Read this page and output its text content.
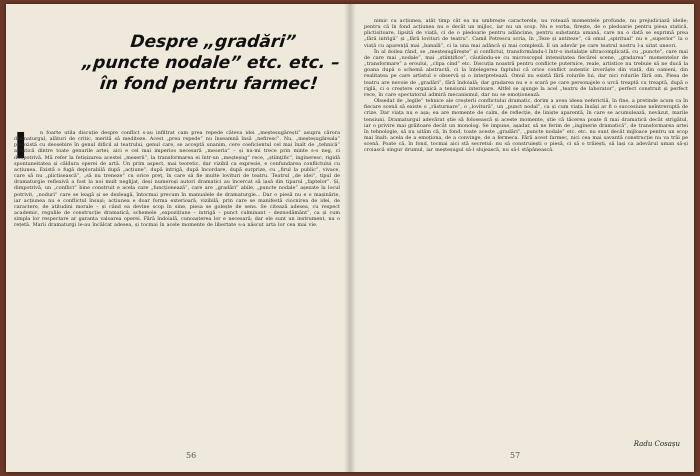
Despre „gradări”
„puncte nodale” etc. etc. –
în fond pentru farmec!
I	n foarte utila discuție despre conflict s-au infiltrat cam prea repede câteva idei „meșteșugărești” asupra cărora dramaturgul, alături de critic, merită să mediteze. Acest „prea repede” nu înseamnă însă „nefiresc”. Nu, „meșteșugăreala” preexistă cu deosebire în genul dificil al teatrului, genul care, se acceptă unanim, cere coeficientul cel mai înalt de „tehnică” artistică dintre toate genurile artei; aici e cel mai imperios necesară „meseria” – și nu-mi trece prin minte s-o neg, ci dimpotrivă. Mă refer la fetișizarea acestei „meserii”, la transformarea ei într-un „meșteșug” rece, „știinţific”, ingineresc, rigidă spontaneitatea și căldura operei de artă. Un prim aspect, mai teoretic, dar vizibil ca expresie, e confundarea conflictului cu acțiunea. Există o fugă deplorabilă după „acțiune”, după intrigă, după încordare, după surprize, cu „firul la public”, vivace, care să nu „plictisească”, „să nu treneze” cu orice preț, în care să fie multe lovituri de teatru. Teatrul „de idei”, tipul de dramaturgie reflexivă a fost la noi mult neglijat, deși numeroși autori dramatici au încercat să iasă din tiparul „faptelor”. Și, dimpotrivă, un „conflict” bine construit e acela care „funcționează”, care are „gradări” abile, „puncte nodale” așezate la locul potrivit, „noduri” care se leagă și se dezleagă, întocmai precum în manualele de dramaturgie... Dar o piesă nu e o mașinărie, iar acțiunea nu e conflictul însuși; acțiunea e doar forma exterioară, vizibilă, prin care se manifestă ciocnirea de idei, de caractere, de atitudini morale – și când ea devine scop în sine, piesa se golește de sens. Se citează adesea, cu respect academic, regulile de construcție dramatică, schemele „expozițiune – intrigă – punct culminant – deznodământ”, ca și cum simpla lor respectare ar garanta valoarea operei. Fără îndoială, cunoașterea lor e necesară; dar ele sunt un instrument, nu o rețetă. Marii dramaturgi le-au încălcat adesea, și tocmai în acele momente de libertate s-a născut arta lor cea mai vie.
56

nimic cu acțiunea, atât timp cât ea nu umbrește caracterele, nu rotează momentele profunde, nu prejudiciază ideile; pentru că în fond acțiunea nu e decât un mijloc, iar nu un scop. Nu e vorba, firește, de o pledoarie pentru piesa statică, plictisitoare, lipsită de viață, ci de o pledoarie pentru adâncime, pentru substanța umană, care nu o dată se exprimă prea „fără intrigă” și „fără lovituri de teatru”. Camil Petrescu scria, în „Teze și antiteze”, că omul „spiritual” nu e „superior” la o viață cu aparență mai „banală”, ci la una mai adâncă și mai complexă. E un adevăr pe care teatrul nostru l-a uitat uneori.

În al doilea rând, se „meșteșugărește” și conflictul, transformându-l într-o instalație ultracomplicată, cu „puncte”, care mai de care mai „nodale”, mai „științifice”, căutându-se cu microscopul intensitatea fiecărei scene, „gradarea” momentelor de „transformare” a eroului, „clipa cind” etc. Discuția noastră pentru conflicte puternice, reale, artistice nu trebuie să ne ducă la goana după o schemă abstractă, ci la înțelegerea faptului că orice conflict autentic izvorăște din viață, din oameni, din realitatea pe care artistul o observă și o interpretează. Omul nu există fără rolurile lui, dar nici rolurile fără om. Piesa de teatru are nevoie de „gradări”, fără îndoială; dar gradarea nu e o scară pe care personajele o urcă treaptă cu treaptă, după o riglă, ci o creștere organică a tensiunii interioare. Altfel se ajunge la acel „teatru de laborator”, perfect construit și perfect rece, în care spectatorul admiră mecanismul, dar nu se emoționează.

Obsedat de „legile” tehnice ale creșterii conflictului dramatic, dorim a avea ideea neferictiă, în fine, a pretinde acum ca în fiecare scenă să existe o „răsturnare”, o „lovitură”, un „punct nodal”, ca și cum viața însăși ar fi o succesiune neîntreruptă de crize. Dar viața nu e așa; ea are momente de calm, de reflecție, de liniște aparentă, în care se acumulează, nevăzut, marile tensiuni. Dramaturgul adevărat știe să folosească și aceste momente, știe că tăcerea poate fi mai dramatică decât strigătul, iar o privire mai grăitoare decât un monolog. Se impune, așadar, să ne ferim de „inginerie dramatică”, de transformarea artei în tehnologie, să nu uităm că, în fond, toate aceste „gradări”, „puncte nodale” etc. etc. nu sunt decât mijloace pentru un scop mai înalt: acela de a emoționa, de a convinge, de a fermeca. Fără acest farmec, nici cea mai savantă construcție nu va trăi pe scenă. Poate că, în fond, tocmai aici stă secretul: nu să construiești o piesă, ci să o trăiești, să lași ca adevărul uman să-și croiască singur drumul, iar meșteșugul să-l slujească, nu să-l stăpânească.

Radu Cosașu
57
